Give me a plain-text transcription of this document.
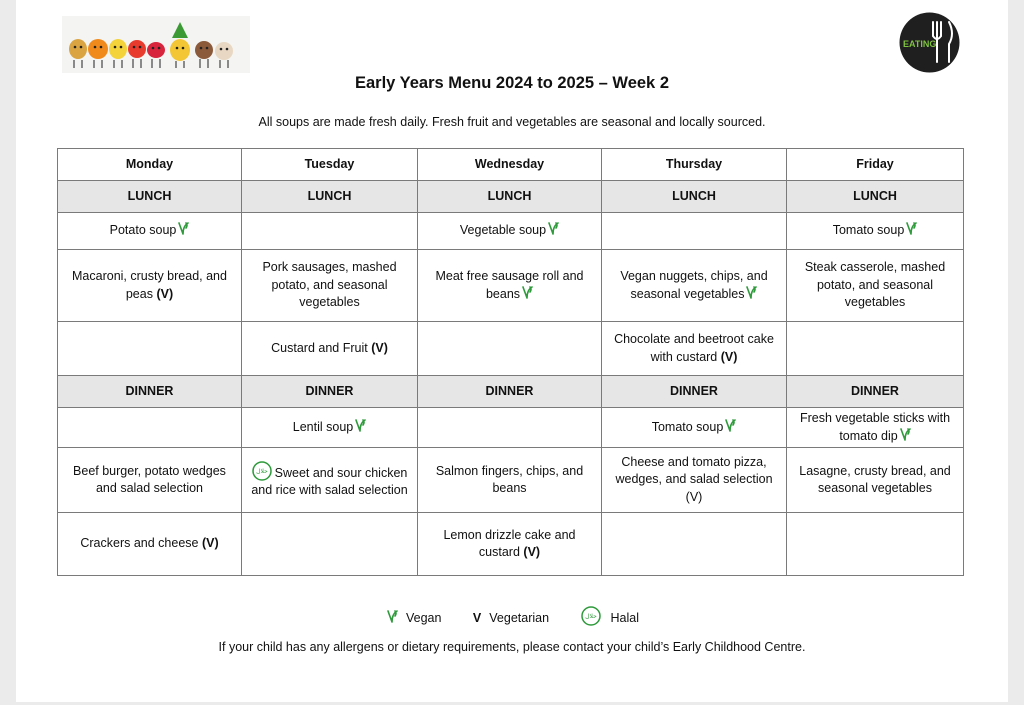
EATING
Early Years Menu 2024 to 2025 – Week 2
All soups are made fresh daily. Fresh fruit and vegetables are seasonal and locally sourced.
Monday	Tuesday	Wednesday	Thursday	Friday
LUNCH	LUNCH	LUNCH	LUNCH	LUNCH
Potato soup		Vegetable soup		Tomato soup
Macaroni, crusty bread, and peas (V)	Pork sausages, mashed potato, and seasonal vegetables	Meat free sausage roll and beans	Vegan nuggets, chips, and seasonal vegetables	Steak casserole, mashed potato, and seasonal vegetables
	Custard and Fruit (V)		Chocolate and beetroot cake with custard (V)	
DINNER	DINNER	DINNER	DINNER	DINNER
	Lentil soup		Tomato soup	Fresh vegetable sticks with tomato dip
Beef burger, potato wedges and salad selection	حلال Sweet and sour chicken and rice with salad selection	Salmon fingers, chips, and beans	Cheese and tomato pizza, wedges, and salad selection (V)	Lasagne, crusty bread, and seasonal vegetables
Crackers and cheese (V)		Lemon drizzle cake and custard (V)		
Vegan	V Vegetarian	حلال Halal
If your child has any allergens or dietary requirements, please contact your child’s Early Childhood Centre.
